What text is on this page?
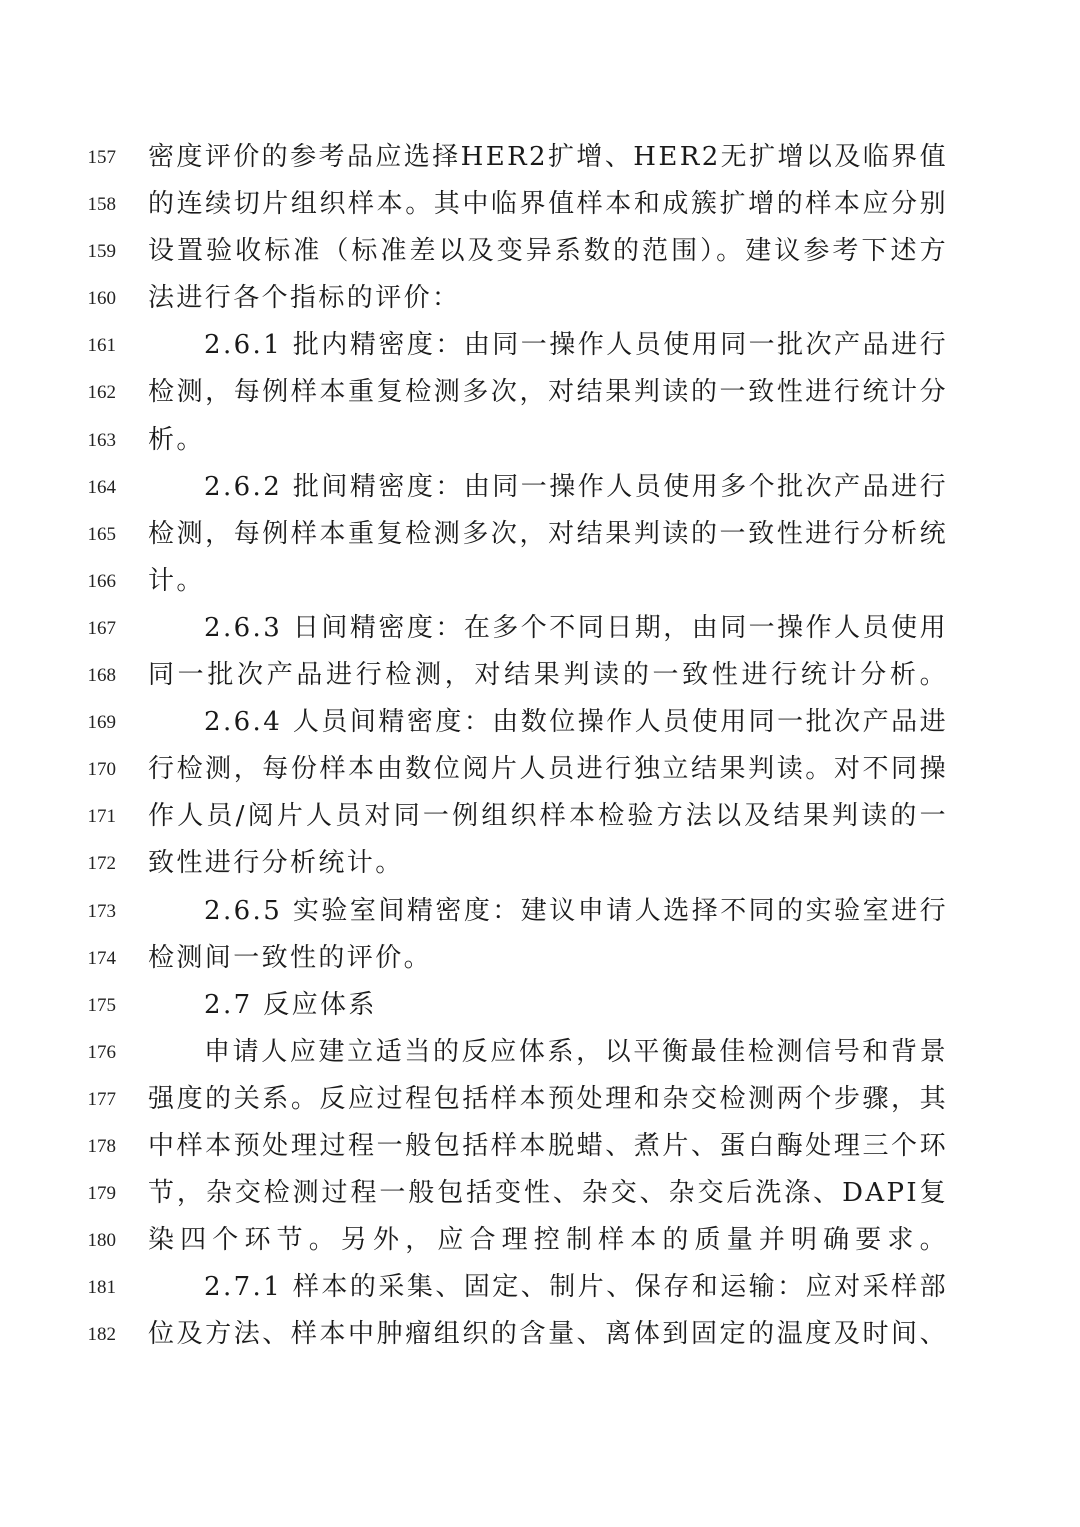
157 密度评价的参考品应选择HER2扩增、HER2无扩增以及临界值
158 的连续切片组织样本。其中临界值样本和成簇扩增的样本应分别
159 设置验收标准（标准差以及变异系数的范围）。建议参考下述方
160 法进行各个指标的评价：
161	2.6.1 批内精密度：由同一操作人员使用同一批次产品进行
162 检测，每例样本重复检测多次，对结果判读的一致性进行统计分
163 析。
164	2.6.2 批间精密度：由同一操作人员使用多个批次产品进行
165 检测，每例样本重复检测多次，对结果判读的一致性进行分析统
166 计。
167	2.6.3 日间精密度：在多个不同日期，由同一操作人员使用
168 同一批次产品进行检测，对结果判读的一致性进行统计分析。
169	2.6.4 人员间精密度：由数位操作人员使用同一批次产品进
170 行检测，每份样本由数位阅片人员进行独立结果判读。对不同操
171 作人员/阅片人员对同一例组织样本检验方法以及结果判读的一
172 致性进行分析统计。
173	2.6.5 实验室间精密度：建议申请人选择不同的实验室进行
174 检测间一致性的评价。
175	2.7 反应体系
176	申请人应建立适当的反应体系，以平衡最佳检测信号和背景
177 强度的关系。反应过程包括样本预处理和杂交检测两个步骤，其
178 中样本预处理过程一般包括样本脱蜡、煮片、蛋白酶处理三个环
179 节，杂交检测过程一般包括变性、杂交、杂交后洗涤、DAPI复
180 染四个环节。另外，应合理控制样本的质量并明确要求。
181	2.7.1 样本的采集、固定、制片、保存和运输：应对采样部
182 位及方法、样本中肿瘤组织的含量、离体到固定的温度及时间、
